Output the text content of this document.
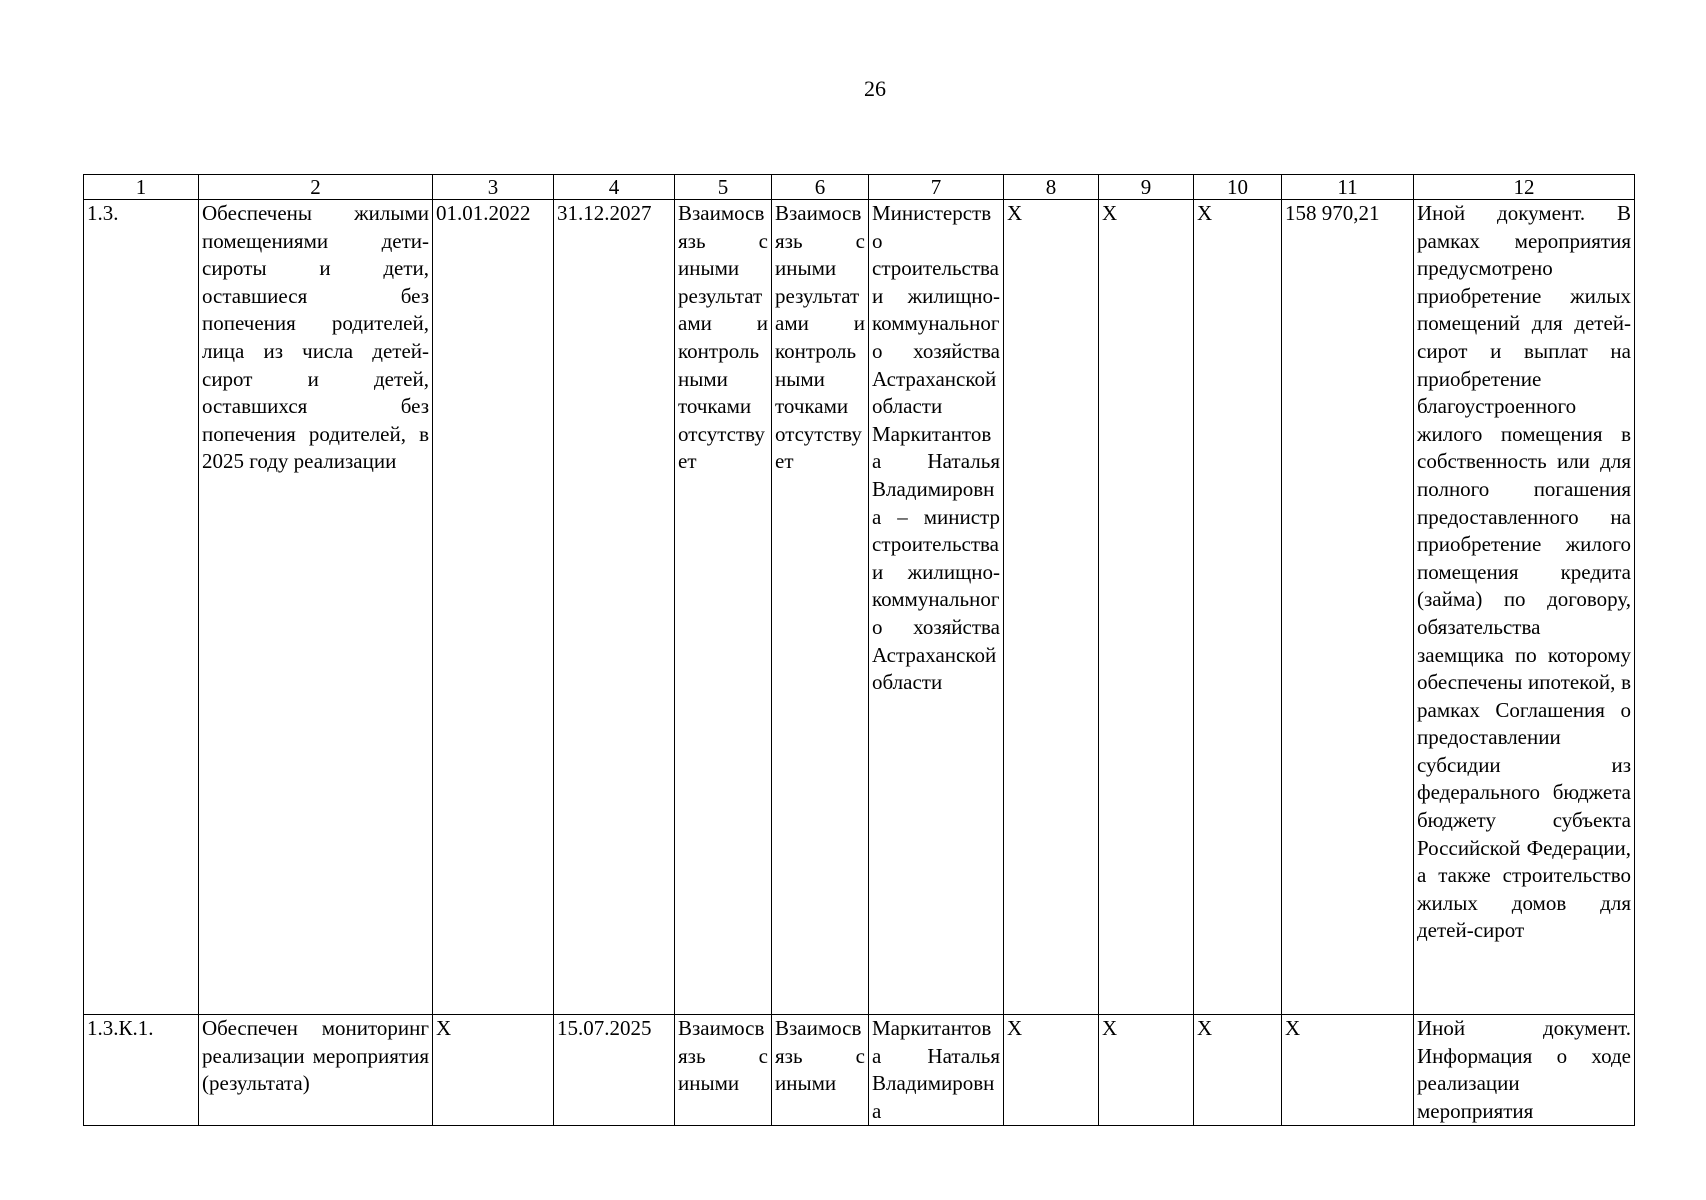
26
1	2	3	4	5	6	7	8	9	10	11	12
1.3.	Обеспечены жилыми помещениями дети-сироты и дети, оставшиеся без попечения родителей, лица из числа детей-сирот и детей, оставшихся без попечения родителей, в 2025 году реализации	01.01.2022	31.12.2027	Взаимосвязь с иными результатами и контрольными точками отсутствует	Взаимосвязь с иными результатами и контрольными точками отсутствует	Министерство строительства и жилищно-коммунального хозяйства Астраханской области Маркитантова Наталья Владимировна – министр строительства и жилищно-коммунального хозяйства Астраханской области	X	X	X	158 970,21	Иной документ. В рамках мероприятия предусмотрено приобретение жилых помещений для детей-сирот и выплат на приобретение благоустроенного жилого помещения в собственность или для полного погашения предоставленного на приобретение жилого помещения кредита (займа) по договору, обязательства заемщика по которому обеспечены ипотекой, в рамках Соглашения о предоставлении субсидии из федерального бюджета бюджету субъекта Российской Федерации, а также строительство жилых домов для детей-сирот
1.3.К.1.	Обеспечен мониторинг реализации мероприятия (результата)	X	15.07.2025	Взаимосвязь с иными	Взаимосвязь с иными	Маркитантова Наталья Владимировна	X	X	X	X	Иной документ. Информация о ходе реализации мероприятия
